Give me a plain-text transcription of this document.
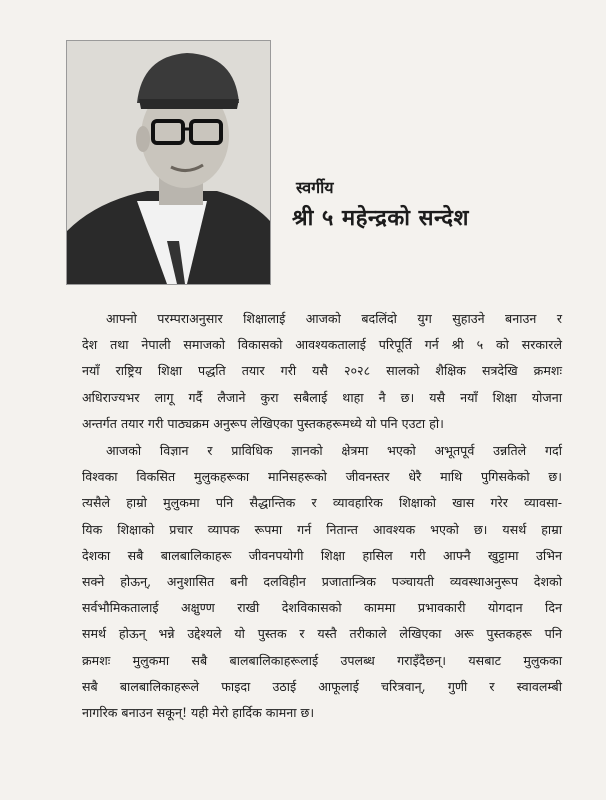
स्वर्गीय
श्री ५ महेन्द्रको सन्देश
आफ्नो परम्पराअनुसार शिक्षालाई आजको बदलिंदो युग सुहाउने बनाउन र
देश तथा नेपाली समाजको विकासको आवश्यकतालाई परिपूर्ति गर्न श्री ५ को सरकारले
नयाँ राष्ट्रिय शिक्षा पद्धति तयार गरी यसै २०२८ सालको शैक्षिक सत्रदेखि क्रमशः
अधिराज्यभर लागू गर्दै लैजाने कुरा सबैलाई थाहा नै छ। यसै नयाँ शिक्षा योजना
अन्तर्गत तयार गरी पाठ्यक्रम अनुरूप लेखिएका पुस्तकहरूमध्ये यो पनि एउटा हो।
आजको विज्ञान र प्राविधिक ज्ञानको क्षेत्रमा भएको अभूतपूर्व उन्नतिले गर्दा
विश्वका विकसित मुलुकहरूका मानिसहरूको जीवनस्तर धेरै माथि पुगिसकेको छ।
त्यसैले हाम्रो मुलुकमा पनि सैद्धान्तिक र व्यावहारिक शिक्षाको खास गरेर व्यावसा-
यिक शिक्षाको प्रचार व्यापक रूपमा गर्न नितान्त आवश्यक भएको छ। यसर्थ हाम्रा
देशका सबै बालबालिकाहरू जीवनपयोगी शिक्षा हासिल गरी आफ्नै खुट्टामा उभिन
सक्ने होऊन्, अनुशासित बनी दलविहीन प्रजातान्त्रिक पञ्चायती व्यवस्थाअनुरूप देशको
सर्वभौमिकतालाई अक्षुण्ण राखी देशविकासको काममा प्रभावकारी योगदान दिन
समर्थ होऊन् भन्ने उद्देश्यले यो पुस्तक र यस्तै तरीकाले लेखिएका अरू पुस्तकहरू पनि
क्रमशः मुलुकमा सबै बालबालिकाहरूलाई उपलब्ध गराइँदैछन्। यसबाट मुलुकका
सबै बालबालिकाहरूले फाइदा उठाई आफूलाई चरित्रवान्, गुणी र स्वावलम्बी
नागरिक बनाउन सकून्! यही मेरो हार्दिक कामना छ।
